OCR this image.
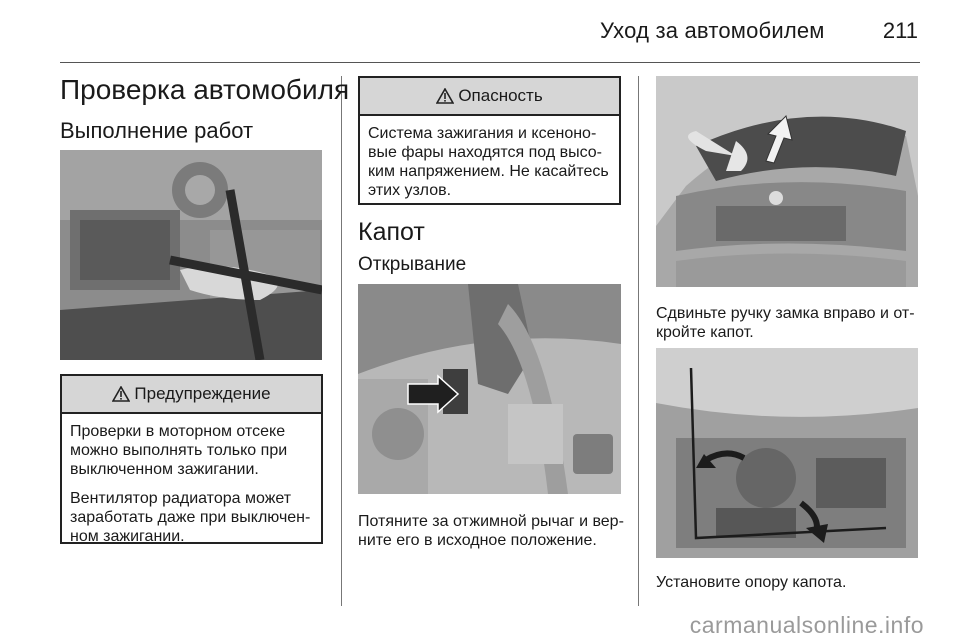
Уход за автомобилем	211
Проверка автомобиля
Выполнение работ
Предупреждение

Проверки в моторном отсеке можно выполнять только при выключенном зажигании.

Вентилятор радиатора может заработать даже при выключен- ном зажигании.

Опасность

Система зажигания и ксеноно- вые фары находятся под высо- ким напряжением. Не касайтесь этих узлов.

Капот
Открывание
Потяните за отжимной рычаг и вер- ните его в исходное положение.
Сдвиньте ручку замка вправо и от- кройте капот.
Установите опору капота.
carmanualsonline.info
